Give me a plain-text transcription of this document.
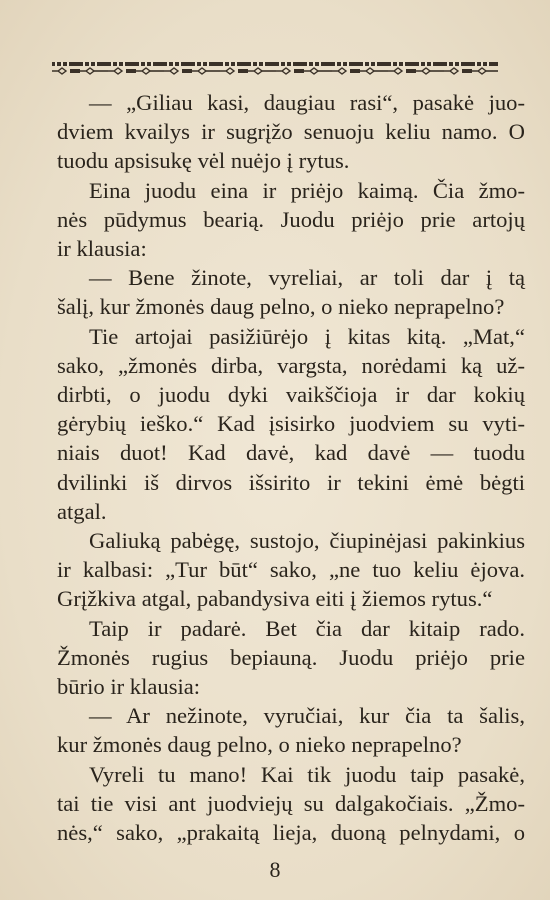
— „Giliau kasi, daugiau rasi“, pasakė juo-
dviem kvailys ir sugrįžo senuoju keliu namo. O
tuodu apsisukę vėl nuėjo į rytus.
Eina juodu eina ir priėjo kaimą. Čia žmo-
nės pūdymus bearią. Juodu priėjo prie artojų
ir klausia:
— Bene žinote, vyreliai, ar toli dar į tą
šalį, kur žmonės daug pelno, o nieko neprapelno?
Tie artojai pasižiūrėjo į kitas kitą. „Mat,“
sako, „žmonės dirba, vargsta, norėdami ką už-
dirbti, o juodu dyki vaikščioja ir dar kokių
gėrybių ieško.“ Kad įsisirko juodviem su vyti-
niais duot! Kad davė, kad davė — tuodu
dvilinki iš dirvos išsirito ir tekini ėmė bėgti
atgal.
Galiuką pabėgę, sustojo, čiupinėjasi pakinkius
ir kalbasi: „Tur būt“ sako, „ne tuo keliu ėjova.
Grįžkiva atgal, pabandysiva eiti į žiemos rytus.“
Taip ir padarė. Bet čia dar kitaip rado.
Žmonės rugius bepiauną. Juodu priėjo prie
būrio ir klausia:
— Ar nežinote, vyručiai, kur čia ta šalis,
kur žmonės daug pelno, o nieko neprapelno?
Vyreli tu mano! Kai tik juodu taip pasakė,
tai tie visi ant juodviejų su dalgakočiais. „Žmo-
nės,“ sako, „prakaitą lieja, duoną pelnydami, o
8
